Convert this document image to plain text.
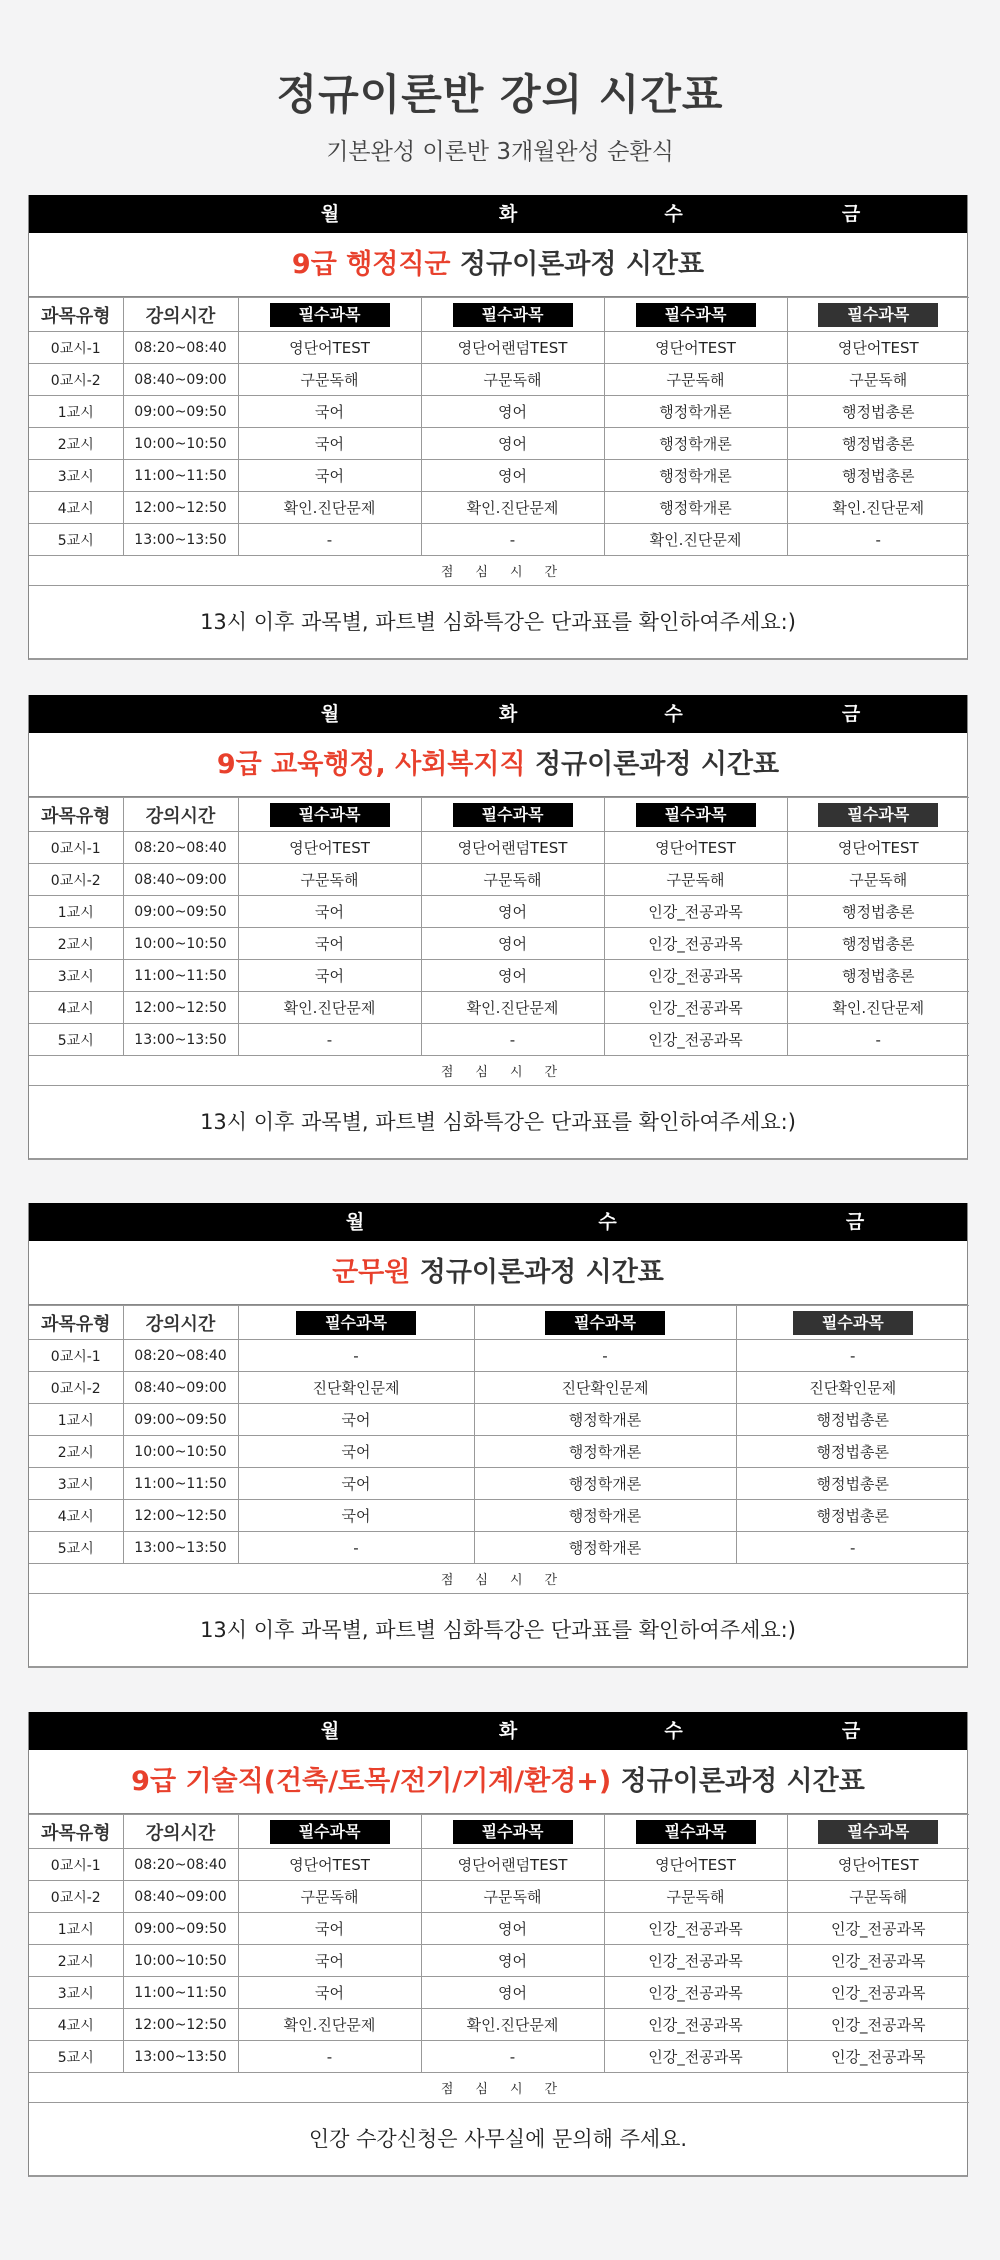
정규이론반 강의 시간표
기본완성 이론반 3개월완성 순환식
월	화	수	금
9급 행정직군 정규이론과정 시간표
과목유형	강의시간	필수과목	필수과목	필수과목	필수과목
0교시-1	08:20~08:40	영단어TEST	영단어랜덤TEST	영단어TEST	영단어TEST
0교시-2	08:40~09:00	구문독해	구문독해	구문독해	구문독해
1교시	09:00~09:50	국어	영어	행정학개론	행정법총론
2교시	10:00~10:50	국어	영어	행정학개론	행정법총론
3교시	11:00~11:50	국어	영어	행정학개론	행정법총론
4교시	12:00~12:50	확인.진단문제	확인.진단문제	행정학개론	확인.진단문제
5교시	13:00~13:50	-	-	확인.진단문제	-
점심시간					
13시 이후 과목별, 파트별 심화특강은 단과표를 확인하여주세요:)
월	화	수	금
9급 교육행정, 사회복지직 정규이론과정 시간표
과목유형	강의시간	필수과목	필수과목	필수과목	필수과목
0교시-1	08:20~08:40	영단어TEST	영단어랜덤TEST	영단어TEST	영단어TEST
0교시-2	08:40~09:00	구문독해	구문독해	구문독해	구문독해
1교시	09:00~09:50	국어	영어	인강_전공과목	행정법총론
2교시	10:00~10:50	국어	영어	인강_전공과목	행정법총론
3교시	11:00~11:50	국어	영어	인강_전공과목	행정법총론
4교시	12:00~12:50	확인.진단문제	확인.진단문제	인강_전공과목	확인.진단문제
5교시	13:00~13:50	-	-	인강_전공과목	-
점심시간					
13시 이후 과목별, 파트별 심화특강은 단과표를 확인하여주세요:)
월	수	금
군무원 정규이론과정 시간표
과목유형	강의시간	필수과목	필수과목	필수과목
0교시-1	08:20~08:40	-	-	-
0교시-2	08:40~09:00	진단확인문제	진단확인문제	진단확인문제
1교시	09:00~09:50	국어	행정학개론	행정법총론
2교시	10:00~10:50	국어	행정학개론	행정법총론
3교시	11:00~11:50	국어	행정학개론	행정법총론
4교시	12:00~12:50	국어	행정학개론	행정법총론
5교시	13:00~13:50	-	행정학개론	-
점심시간				
13시 이후 과목별, 파트별 심화특강은 단과표를 확인하여주세요:)
월	화	수	금
9급 기술직(건축/토목/전기/기계/환경+) 정규이론과정 시간표
과목유형	강의시간	필수과목	필수과목	필수과목	필수과목
0교시-1	08:20~08:40	영단어TEST	영단어랜덤TEST	영단어TEST	영단어TEST
0교시-2	08:40~09:00	구문독해	구문독해	구문독해	구문독해
1교시	09:00~09:50	국어	영어	인강_전공과목	인강_전공과목
2교시	10:00~10:50	국어	영어	인강_전공과목	인강_전공과목
3교시	11:00~11:50	국어	영어	인강_전공과목	인강_전공과목
4교시	12:00~12:50	확인.진단문제	확인.진단문제	인강_전공과목	인강_전공과목
5교시	13:00~13:50	-	-	인강_전공과목	인강_전공과목
점심시간					
인강 수강신청은 사무실에 문의해 주세요.
